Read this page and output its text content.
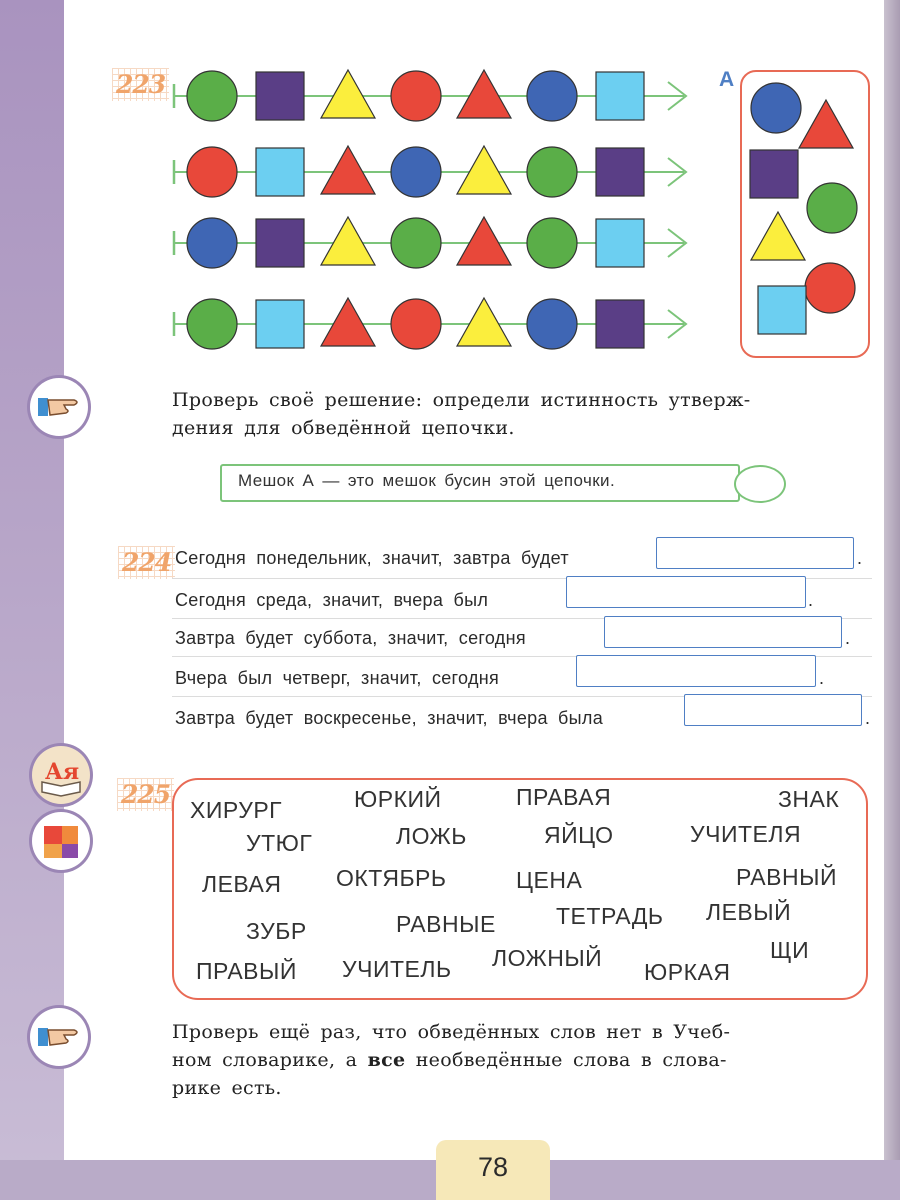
223	А
Проверь своё решение: определи истинность утверж-
дения для обведённой цепочки.
Мешок А — это мешок бусин этой цепочки.
224 Сегодня понедельник, значит, завтра будет	.
Сегодня среда, значит, вчера был	.
Завтра будет суббота, значит, сегодня	.
Вчера был четверг, значит, сегодня	.
Завтра будет воскресенье, значит, вчера была	.
Ая
225
ХИРУРГ	ЮРКИЙ	ПРАВАЯ	ЗНАК
УТЮГ	ЛОЖЬ	ЯЙЦО	УЧИТЕЛЯ
ЛЕВАЯ ОКТЯБРЬ	ЦЕНА	РАВНЫЙ
ЗУБР	РАВНЫЕ	ТЕТРАДЬ ЛЕВЫЙ
ЩИ
ПРАВЫЙ УЧИТЕЛЬ ЛОЖНЫЙ
ЮРКАЯ
Проверь ещё раз, что обведённых слов нет в Учеб-
ном словарике, а все необведённые слова в слова-
рике есть.
78
